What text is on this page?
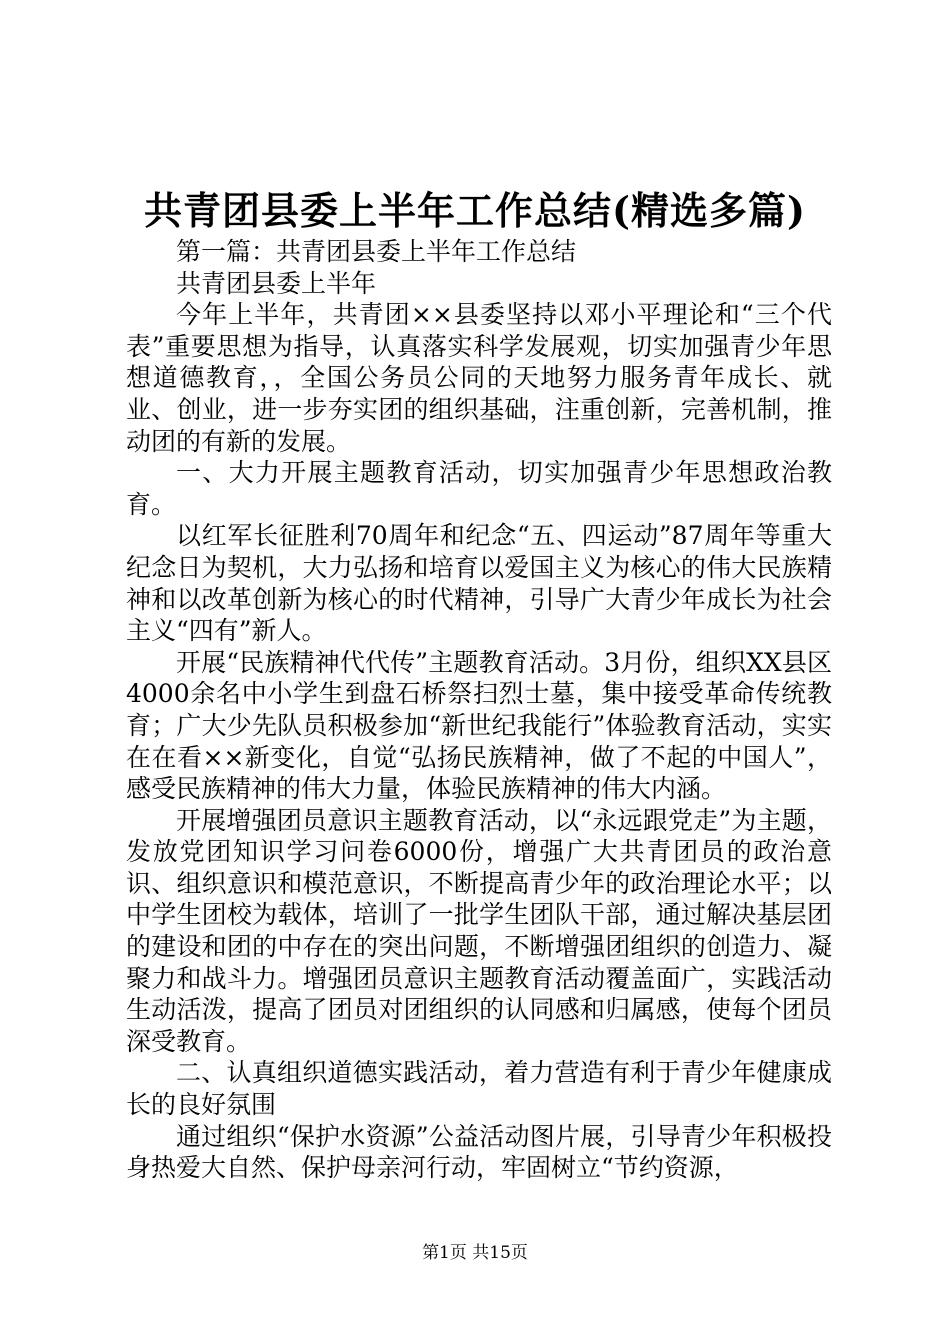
共青团县委上半年工作总结(精选多篇)

第一篇：共青团县委上半年工作总结

共青团县委上半年

今年上半年，共青团××县委坚持以邓小平理论和“三个代表”重要思想为指导，认真落实科学发展观，切实加强青少年思想道德教育，，全国公务员公同的天地努力服务青年成长、就业、创业，进一步夯实团的组织基础，注重创新，完善机制，推动团的有新的发展。

一、大力开展主题教育活动，切实加强青少年思想政治教育。

以红军长征胜利70周年和纪念“五、四运动”87周年等重大纪念日为契机，大力弘扬和培育以爱国主义为核心的伟大民族精神和以改革创新为核心的时代精神，引导广大青少年成长为社会主义“四有”新人。

开展“民族精神代代传”主题教育活动。3月份，组织XX县区4000余名中小学生到盘石桥祭扫烈士墓，集中接受革命传统教育；广大少先队员积极参加“新世纪我能行”体验教育活动，实实在在看××新变化，自觉“弘扬民族精神，做了不起的中国人”，感受民族精神的伟大力量，体验民族精神的伟大内涵。

开展增强团员意识主题教育活动，以“永远跟党走”为主题，发放党团知识学习问卷6000份，增强广大共青团员的政治意识、组织意识和模范意识，不断提高青少年的政治理论水平；以中学生团校为载体，培训了一批学生团队干部，通过解决基层团的建设和团的中存在的突出问题，不断增强团组织的创造力、凝聚力和战斗力。增强团员意识主题教育活动覆盖面广，实践活动生动活泼，提高了团员对团组织的认同感和归属感，使每个团员深受教育。

二、认真组织道德实践活动，着力营造有利于青少年健康成长的良好氛围

通过组织“保护水资源”公益活动图片展，引导青少年积极投身热爱大自然、保护母亲河行动，牢固树立“节约资源，

第1页 共15页
